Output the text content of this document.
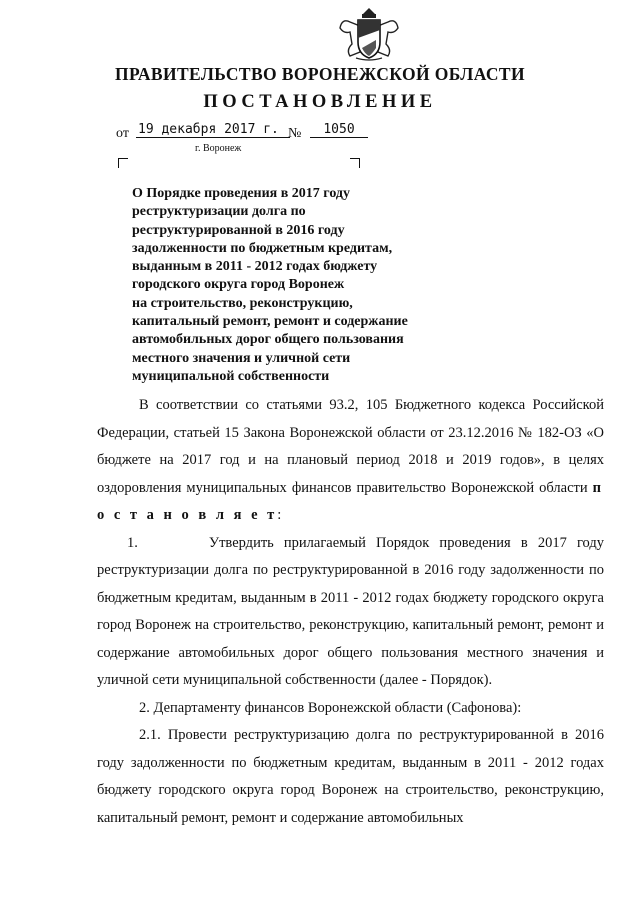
ПРАВИТЕЛЬСТВО ВОРОНЕЖСКОЙ ОБЛАСТИ
ПОСТАНОВЛЕНИЕ
от 19 декабря 2017 г. №	1050
г. Воронеж
О Порядке проведения в 2017 году
реструктуризации долга по
реструктурированной в 2016 году
задолженности по бюджетным кредитам,
выданным в 2011 - 2012 годах бюджету
городского округа город Воронеж
на строительство, реконструкцию,
капитальный ремонт, ремонт и содержание
автомобильных дорог общего пользования
местного значения и уличной сети
муниципальной собственности

В соответствии со статьями 93.2, 105 Бюджетного кодекса Российской Федерации, статьей 15 Закона Воронежской области от 23.12.2016 № 182-ОЗ «О бюджете на 2017 год и на плановый период 2018 и 2019 годов», в целях оздоровления муниципальных финансов правительство Воронежской области п о с т а н о в л я е т:

1.	Утвердить прилагаемый Порядок проведения в 2017 году реструктуризации долга по реструктурированной в 2016 году задолженности по бюджетным кредитам, выданным в 2011 - 2012 годах бюджету городского округа город Воронеж на строительство, реконструкцию, капитальный ремонт, ремонт и содержание автомобильных дорог общего пользования местного значения и уличной сети муниципальной собственности (далее - Порядок).

2. Департаменту финансов Воронежской области (Сафонова):

2.1. Провести реструктуризацию долга по реструктурированной в 2016 году задолженности по бюджетным кредитам, выданным в 2011 - 2012 годах бюджету городского округа город Воронеж на строительство, реконструкцию, капитальный ремонт, ремонт и содержание автомобильных
